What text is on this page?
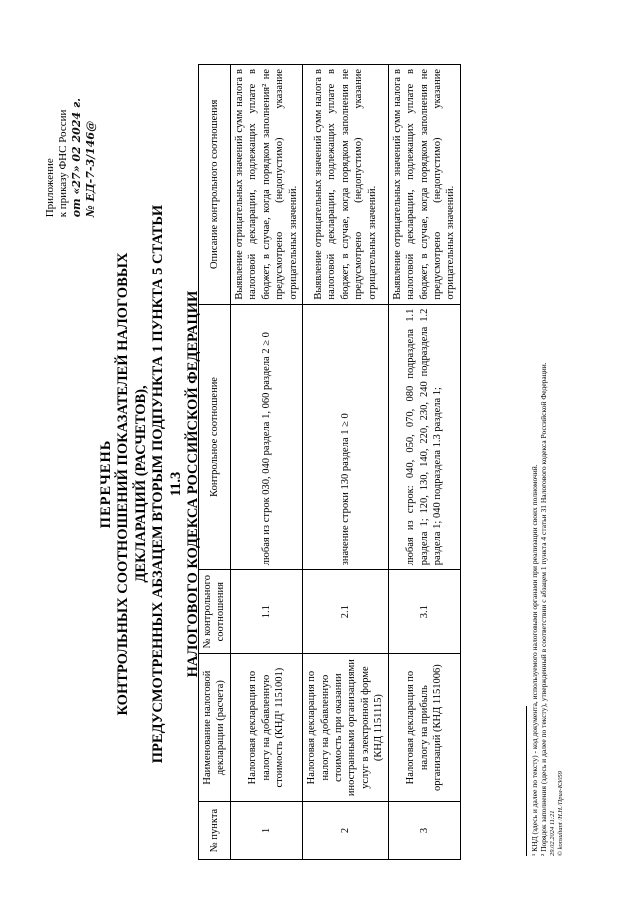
Приложение к приказу ФНС России от «27» 02 2024 г. № ЕД-7-3/146@
ПЕРЕЧЕНЬ КОНТРОЛЬНЫХ СООТНОШЕНИЙ ПОКАЗАТЕЛЕЙ НАЛОГОВЫХ ДЕКЛАРАЦИЙ (РАСЧЕТОВ), ПРЕДУСМОТРЕННЫХ АБЗАЦЕМ ВТОРЫМ ПОДПУНКТА 1 ПУНКТА 5 СТАТЬИ 11.3 НАЛОГОВОГО КОДЕКСА РОССИЙСКОЙ ФЕДЕРАЦИИ
№ пункта	Наименование налоговой декларации (расчета)	№ контрольного соотношения	Контрольное соотношение	Описание контрольного соотношения
1	Налоговая декларация по налогу на добавленную стоимость (КНД¹ 1151001)	1.1	любая из строк 030, 040 раздела 1, 060 раздела 2 ≥ 0	Выявление отрицательных значений сумм налога в налоговой декларации, подлежащих уплате в бюджет, в случае, когда порядком заполнения² не предусмотрено (недопустимо) указание отрицательных значений.
2	Налоговая декларация по налогу на добавленную стоимость при оказании иностранными организациями услуг в электронной форме (КНД 1151115)	2.1	значение строки 130 раздела 1 ≥ 0	Выявление отрицательных значений сумм налога в налоговой декларации, подлежащих уплате в бюджет, в случае, когда порядком заполнения не предусмотрено (недопустимо) указание отрицательных значений.
3	Налоговая декларация по налогу на прибыль организаций (КНД 1151006)	3.1	любая из строк: 040, 050, 070, 080 подраздела 1.1 раздела 1; 120, 130, 140, 220, 230, 240 подраздела 1.2 раздела 1; 040 подраздела 1.3 раздела 1;	Выявление отрицательных значений сумм налога в налоговой декларации, подлежащих уплате в бюджет, в случае, когда порядком заполнения не предусмотрено (недопустимо) указание отрицательных значений.
¹ КНД (здесь и далее по тексту) - код документа, используемого налоговыми органами при реализации своих полномочий. ² Порядок заполнения (здесь и далее по тексту), утвержденный в соответствии с абзацем 1 пункта 4 статьи 31 Налогового кодекса Российской Федерации. 29.02.2024 11:21 © konsultant /Н.Н./Прил-К3059
